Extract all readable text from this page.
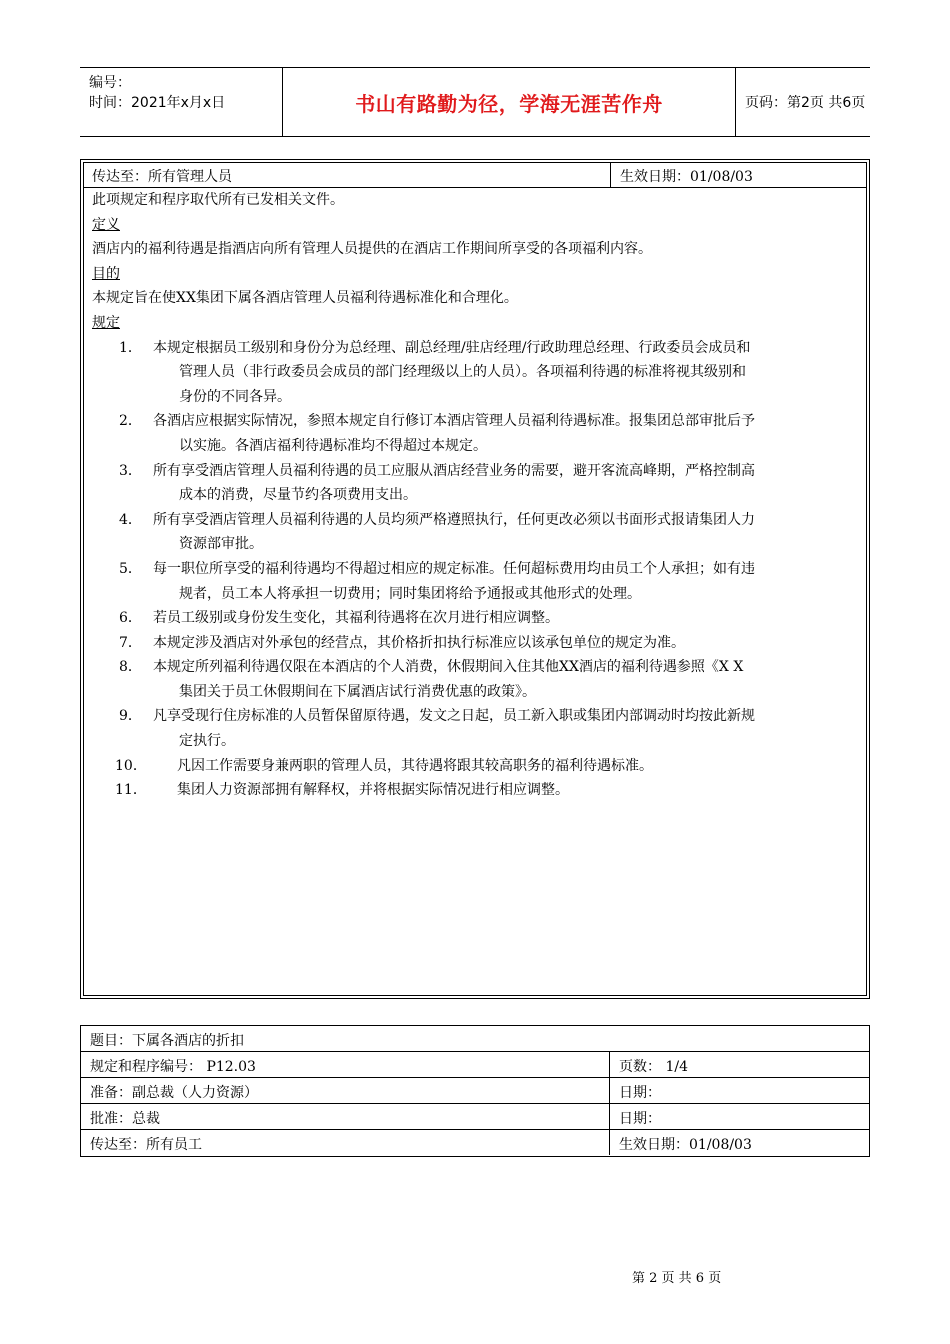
编号：
时间：2021年x月x日	书山有路勤为径，学海无涯苦作舟	页码：第2页 共6页
传达至：所有管理人员	生效日期：01/08/03

此项规定和程序取代所有已发相关文件。

定义

酒店内的福利待遇是指酒店向所有管理人员提供的在酒店工作期间所享受的各项福利内容。

目的

本规定旨在使XX集团下属各酒店管理人员福利待遇标准化和合理化。

规定

1． 本规定根据员工级别和身份分为总经理、副总经理/驻店经理/行政助理总经理、行政委员会成员和
管理人员（非行政委员会成员的部门经理级以上的人员）。各项福利待遇的标准将视其级别和
身份的不同各异。
2． 各酒店应根据实际情况，参照本规定自行修订本酒店管理人员福利待遇标准。报集团总部审批后予
以实施。各酒店福利待遇标准均不得超过本规定。
3． 所有享受酒店管理人员福利待遇的员工应服从酒店经营业务的需要，避开客流高峰期，严格控制高
成本的消费，尽量节约各项费用支出。
4． 所有享受酒店管理人员福利待遇的人员均须严格遵照执行，任何更改必须以书面形式报请集团人力
资源部审批。
5． 每一职位所享受的福利待遇均不得超过相应的规定标准。任何超标费用均由员工个人承担；如有违
规者，员工本人将承担一切费用；同时集团将给予通报或其他形式的处理。
6． 若员工级别或身份发生变化，其福利待遇将在次月进行相应调整。
7． 本规定涉及酒店对外承包的经营点，其价格折扣执行标准应以该承包单位的规定为准。
8． 本规定所列福利待遇仅限在本酒店的个人消费，休假期间入住其他XX酒店的福利待遇参照《X X
集团关于员工休假期间在下属酒店试行消费优惠的政策》。
9． 凡享受现行住房标准的人员暂保留原待遇，发文之日起，员工新入职或集团内部调动时均按此新规
定执行。
10． 凡因工作需要身兼两职的管理人员，其待遇将跟其较高职务的福利待遇标准。
11． 集团人力资源部拥有解释权，并将根据实际情况进行相应调整。
题目：下属各酒店的折扣
规定和程序编号： P12.03	页数： 1/4
准备：副总裁（人力资源）	日期：
批准：总裁	日期：
传达至：所有员工	生效日期：01/08/03
第 2 页 共 6 页
